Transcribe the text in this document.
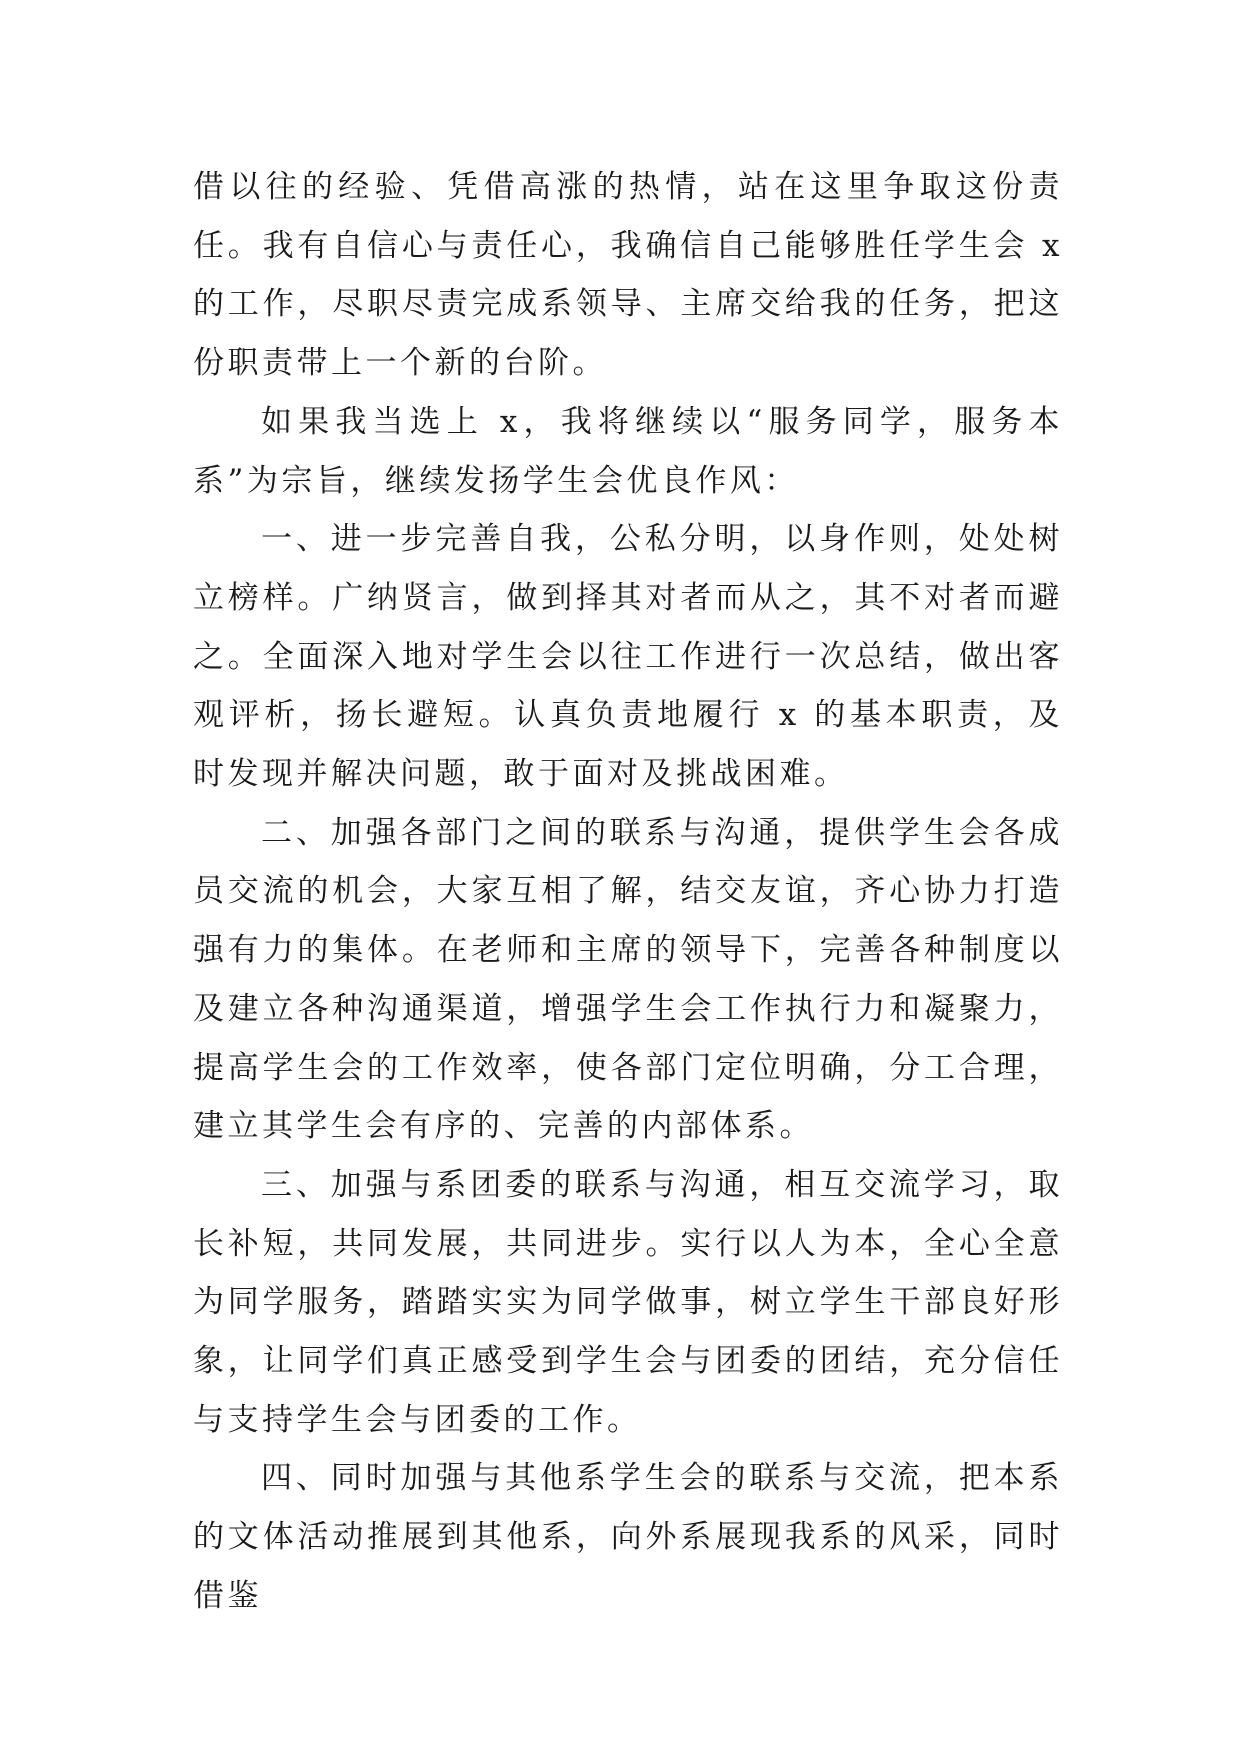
借以往的经验、凭借高涨的热情，站在这里争取这份责任。我有自信心与责任心，我确信自己能够胜任学生会 x 的工作，尽职尽责完成系领导、主席交给我的任务，把这份职责带上一个新的台阶。

如果我当选上 x，我将继续以“服务同学，服务本系”为宗旨，继续发扬学生会优良作风：

一、进一步完善自我，公私分明，以身作则，处处树立榜样。广纳贤言，做到择其对者而从之，其不对者而避之。全面深入地对学生会以往工作进行一次总结，做出客观评析，扬长避短。认真负责地履行 x 的基本职责，及时发现并解决问题，敢于面对及挑战困难。

二、加强各部门之间的联系与沟通，提供学生会各成员交流的机会，大家互相了解，结交友谊，齐心协力打造强有力的集体。在老师和主席的领导下，完善各种制度以及建立各种沟通渠道，增强学生会工作执行力和凝聚力，提高学生会的工作效率，使各部门定位明确，分工合理，建立其学生会有序的、完善的内部体系。

三、加强与系团委的联系与沟通，相互交流学习，取长补短，共同发展，共同进步。实行以人为本，全心全意为同学服务，踏踏实实为同学做事，树立学生干部良好形象，让同学们真正感受到学生会与团委的团结，充分信任与支持学生会与团委的工作。

四、同时加强与其他系学生会的联系与交流，把本系的文体活动推展到其他系，向外系展现我系的风采，同时借鉴
